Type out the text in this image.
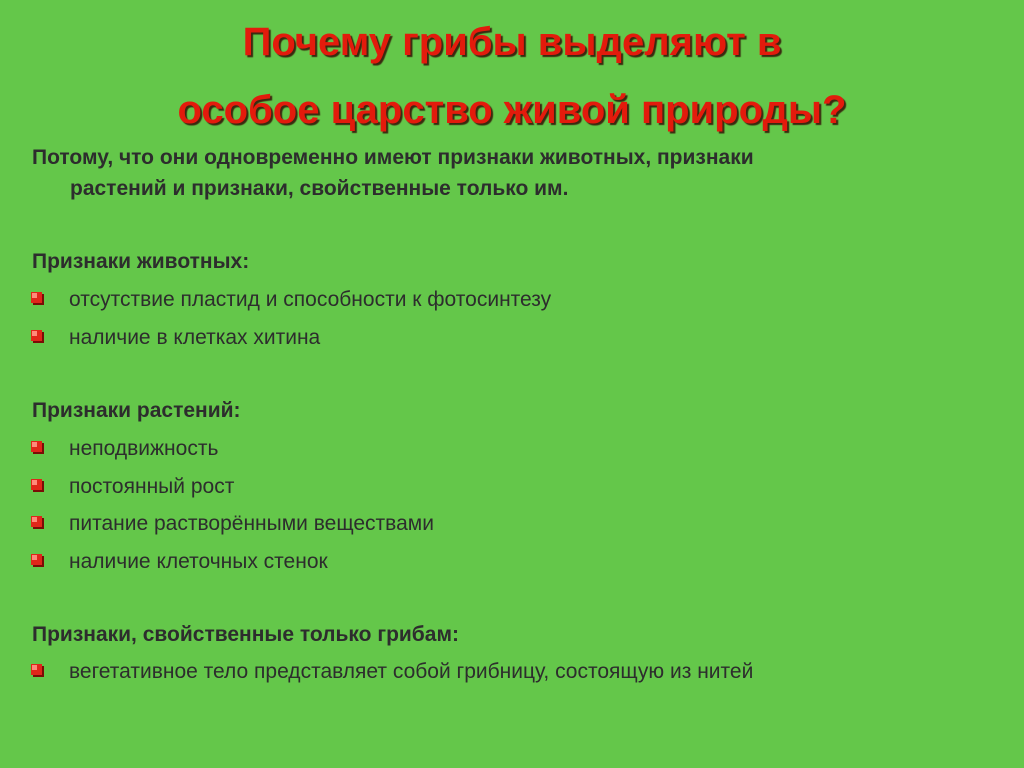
Почему грибы выделяют в
особое царство живой природы?
Потому, что они одновременно имеют признаки животных, признаки
растений и признаки, свойственные только им.
Признаки животных:
отсутствие пластид и способности к фотосинтезу
наличие в клетках хитина
Признаки растений:
неподвижность
постоянный рост
питание растворёнными веществами
наличие клеточных стенок
Признаки, свойственные только грибам:
вегетативное тело представляет собой грибницу, состоящую из нитей
